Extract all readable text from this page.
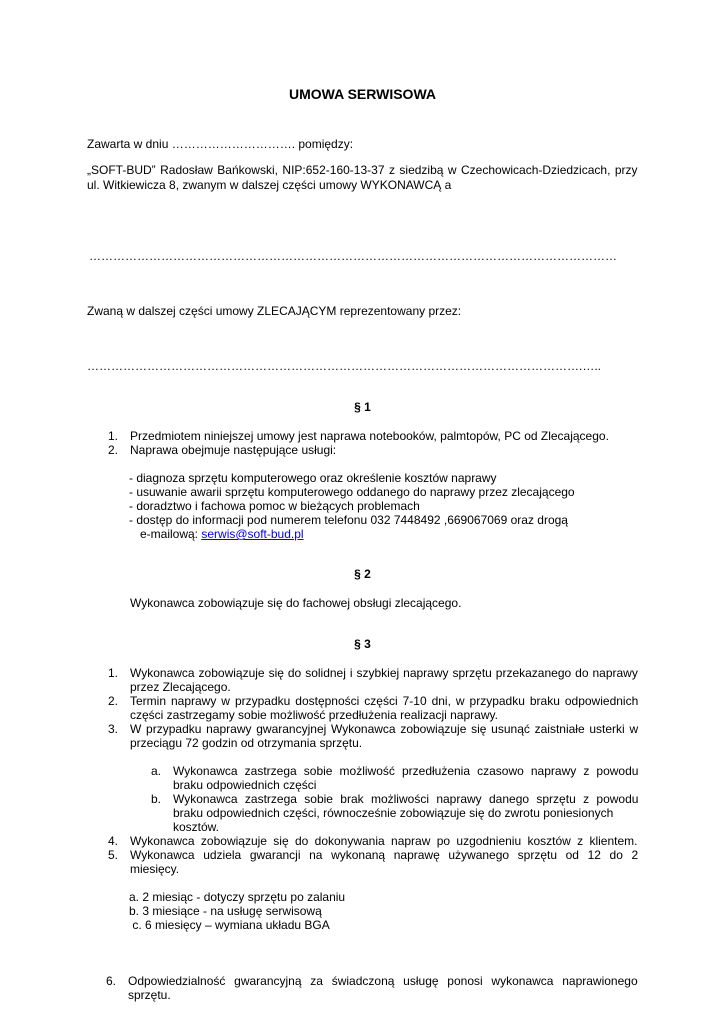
UMOWA SERWISOWA
Zawarta w dniu …………………………. pomiędzy:
„SOFT-BUD” Radosław Bańkowski, NIP:652-160-13-37 z siedzibą w Czechowicach-Dziedzicach, przy
ul. Witkiewicza 8, zwanym w dalszej części umowy WYKONAWCĄ a
……………………………………………………………………………………………………………………
Zwaną w dalszej części umowy ZLECAJĄCYM reprezentowany przez:
…………………………………………………………………………………………………………….…..
§ 1
1. Przedmiotem niniejszej umowy jest naprawa notebooków, palmtopów, PC od Zlecającego.
2. Naprawa obejmuje następujące usługi:
- diagnoza sprzętu komputerowego oraz określenie kosztów naprawy
- usuwanie awarii sprzętu komputerowego oddanego do naprawy przez zlecającego
- doradztwo i fachowa pomoc w bieżących problemach
- dostęp do informacji pod numerem telefonu 032 7448492 ,669067069 oraz drogą
e-mailową: serwis@soft-bud.pl
§ 2
Wykonawca zobowiązuje się do fachowej obsługi zlecającego.
§ 3
1. Wykonawca zobowiązuje się do solidnej i szybkiej naprawy sprzętu przekazanego do naprawy
przez Zlecającego.
2. Termin naprawy w przypadku dostępności części 7-10 dni, w przypadku braku odpowiednich
części zastrzegamy sobie możliwość przedłużenia realizacji naprawy.
3. W przypadku naprawy gwarancyjnej Wykonawca zobowiązuje się usunąć zaistniałe usterki w
przeciągu 72 godzin od otrzymania sprzętu.
a. Wykonawca zastrzega sobie możliwość przedłużenia czasowo naprawy z powodu
braku odpowiednich części
b. Wykonawca zastrzega sobie brak możliwości naprawy danego sprzętu z powodu
braku odpowiednich części, równocześnie zobowiązuje się do zwrotu poniesionych
kosztów.
4. Wykonawca zobowiązuje się do dokonywania napraw po uzgodnieniu kosztów z klientem.
5. Wykonawca udziela gwarancji na wykonaną naprawę używanego sprzętu od 12 do 2
miesięcy.
a. 2 miesiąc - dotyczy sprzętu po zalaniu
b. 3 miesiące - na usługę serwisową
c. 6 miesięcy – wymiana układu BGA
6. Odpowiedzialność gwarancyjną za świadczoną usługę ponosi wykonawca naprawionego
sprzętu.
